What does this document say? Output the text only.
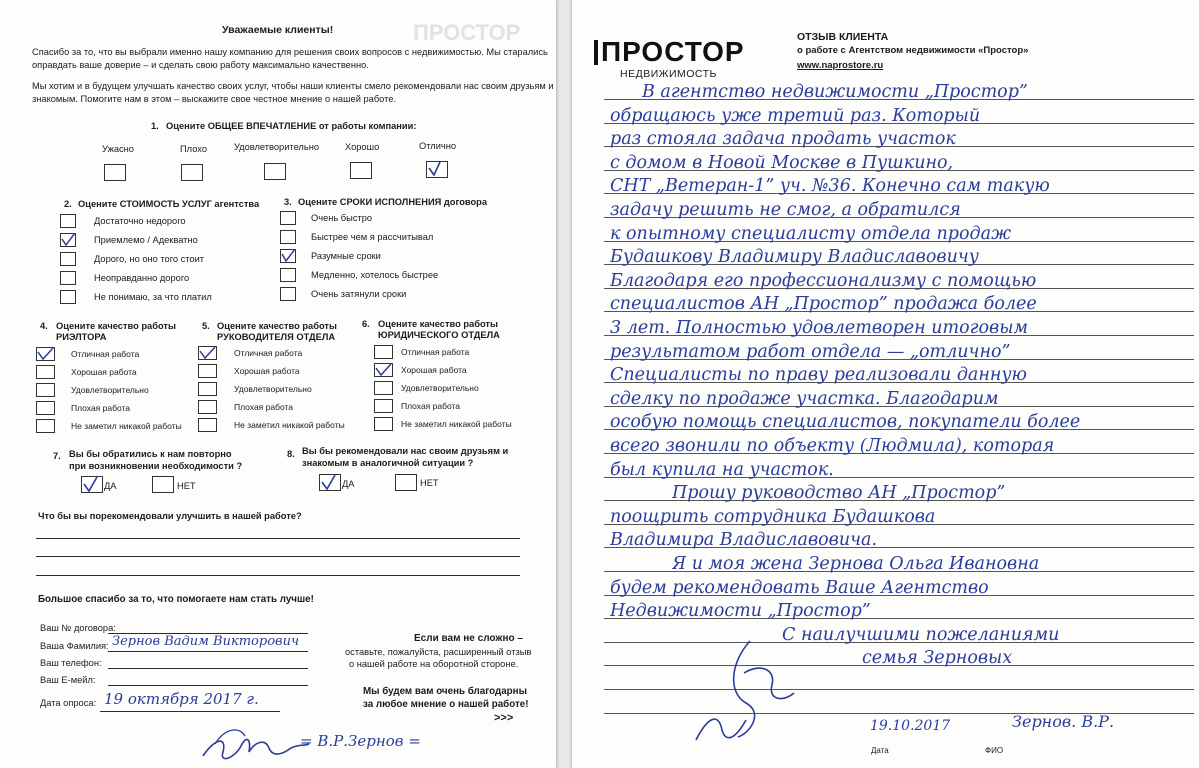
ПРОСТОР
Уважаемые клиенты!
Спасибо за то, что вы выбрали именно нашу компанию для решения своих вопросов с недвижимостью. Мы старались
оправдать ваше доверие – и сделать свою работу максимально качественно.
Мы хотим и в будущем улучшать качество своих услуг, чтобы наши клиенты смело рекомендовали нас своим друзьям и
знакомым. Помогите нам в этом – выскажите свое честное мнение о нашей работе.
1. Оцените ОБЩЕЕ ВПЕЧАТЛЕНИЕ от работы компании:
Ужасно	Плохо	Удовлетворительно	Хорошо	Отлично
2. Оцените СТОИМОСТЬ УСЛУГ агентства
Достаточно недорого
Приемлемо / Адекватно
Дорого, но оно того стоит
Неоправданно дорого
Не понимаю, за что платил
3. Оцените СРОКИ ИСПОЛНЕНИЯ договора
Очень быстро
Быстрее чем я рассчитывал
Разумные сроки
Медленно, хотелось быстрее
Очень затянули сроки
4. Оцените качество работы
РИЭЛТОРА
Отличная работа
Хорошая работа
Удовлетворительно
Плохая работа
Не заметил никакой работы
5. Оцените качество работы
РУКОВОДИТЕЛЯ ОТДЕЛА
Отличная работа
Хорошая работа
Удовлетворительно
Плохая работа
Не заметил никакой работы
6. Оцените качество работы
ЮРИДИЧЕСКОГО ОТДЕЛА
Отличная работа
Хорошая работа
Удовлетворительно
Плохая работа
Не заметил никакой работы
7. Вы бы обратились к нам повторно
при возникновении необходимости ?
ДА	НЕТ
8. Вы бы рекомендовали нас своим друзьям и
знакомым в аналогичной ситуации ?
ДА	НЕТ
Что бы вы порекомендовали улучшить в нашей работе?
Большое спасибо за то, что помогаете нам стать лучше!
Ваш № договора:
Ваша Фамилия: Зернов Вадим Викторович
Ваш телефон:
Ваш Е-мейл:
Дата опроса: 19 октября 2017 г.
Если вам не сложно –
оставьте, пожалуйста, расширенный отзыв
о нашей работе на оборотной стороне.
Мы будем вам очень благодарны
за любое мнение о нашей работе!
>>>
= В.Р.Зернов =
ПРОСТОР
НЕДВИЖИМОСТЬ
ОТЗЫВ КЛИЕНТА
о работе с Агентством недвижимости «Простор»
www.naprostore.ru
В агентство недвижимости „Простор”
обращаюсь уже третий раз. Который
раз стояла задача продать участок
с домом в Новой Москве в Пушкино,
СНТ „Ветеран-1” уч. №36. Конечно сам такую
задачу решить не смог, а обратился
к опытному специалисту отдела продаж
Будашкову Владимиру Владиславовичу
Благодаря его профессионализму с помощью
специалистов АН „Простор” продажа более
3 лет. Полностью удовлетворен итоговым
результатом работ отдела — „отлично”
Специалисты по праву реализовали данную
сделку по продаже участка. Благодарим
особую помощь специалистов, покупатели более
всего звонили по объекту (Людмила), которая
был купила на участок.
Прошу руководство АН „Простор”
поощрить сотрудника Будашкова
Владимира Владиславовича.
Я и моя жена Зернова Ольга Ивановна
будем рекомендовать Ваше Агентство
Недвижимости „Простор”
С наилучшими пожеланиями
семья Зерновых
19.10.2017
Дата
Зернов. В.Р.
ФИО
